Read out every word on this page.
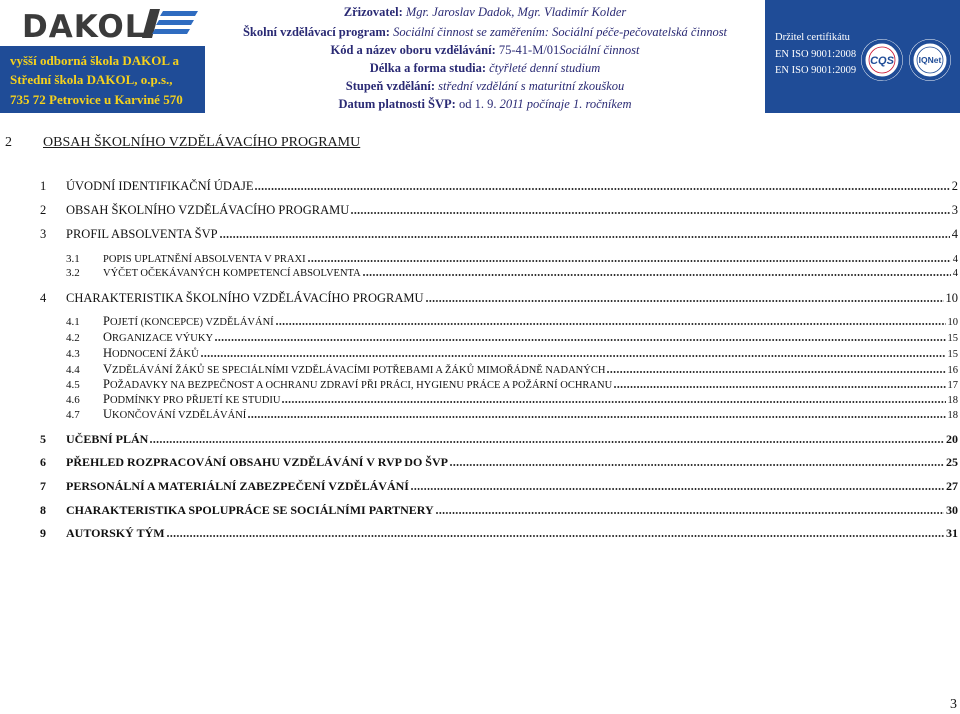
DAKOL
vyšší odborná škola DAKOL a
Střední škola DAKOL, o.p.s.,
735 72 Petrovice u Karviné 570
Zřizovatel: Mgr. Jaroslav Dadok, Mgr. Vladimír Kolder
Školní vzdělávací program: Sociální činnost se zaměřením: Sociální péče-pečovatelská činnost
Kód a název oboru vzdělávání: 75-41-M/01Sociální činnost
Délka a forma studia: čtyřleté denní studium
Stupeň vzdělání: střední vzdělání s maturitní zkouškou
Datum platnosti ŠVP: od 1. 9. 2011 počínaje 1. ročníkem
Držitel certifikátu
EN ISO 9001:2008
EN ISO 9001:2009
CQS	IQNet
2 OBSAH ŠKOLNÍHO VZDĚLÁVACÍHO PROGRAMU
1	ÚVODNÍ IDENTIFIKAČNÍ ÚDAJE	2
2	OBSAH ŠKOLNÍHO VZDĚLÁVACÍHO PROGRAMU	3
3	PROFIL ABSOLVENTA ŠVP	4
3.1	POPIS UPLATNĚNÍ ABSOLVENTA V PRAXI	4
3.2	VÝČET OČEKÁVANÝCH KOMPETENCÍ ABSOLVENTA	4
4	CHARAKTERISTIKA ŠKOLNÍHO VZDĚLÁVACÍHO PROGRAMU	10
4.1	POJETÍ (KONCEPCE) VZDĚLÁVÁNÍ	10
4.2	ORGANIZACE VÝUKY	15
4.3	HODNOCENÍ ŽÁKŮ	15
4.4	VZDĚLÁVÁNÍ ŽÁKŮ SE SPECIÁLNÍMI VZDĚLÁVACÍMI POTŘEBAMI A ŽÁKŮ MIMOŘÁDNĚ NADANÝCH	16
4.5	POŽADAVKY NA BEZPEČNOST A OCHRANU ZDRAVÍ PŘI PRÁCI, HYGIENU PRÁCE A POŽÁRNÍ OCHRANU	17
4.6	PODMÍNKY PRO PŘIJETÍ KE STUDIU	18
4.7	UKONČOVÁNÍ VZDĚLÁVÁNÍ	18
5	UČEBNÍ PLÁN	20
6	PŘEHLED ROZPRACOVÁNÍ OBSAHU VZDĚLÁVÁNÍ V RVP DO ŠVP	25
7	PERSONÁLNÍ A MATERIÁLNÍ ZABEZPEČENÍ VZDĚLÁVÁNÍ	27
8	CHARAKTERISTIKA SPOLUPRÁCE SE SOCIÁLNÍMI PARTNERY	30
9	AUTORSKÝ TÝM	31
3
